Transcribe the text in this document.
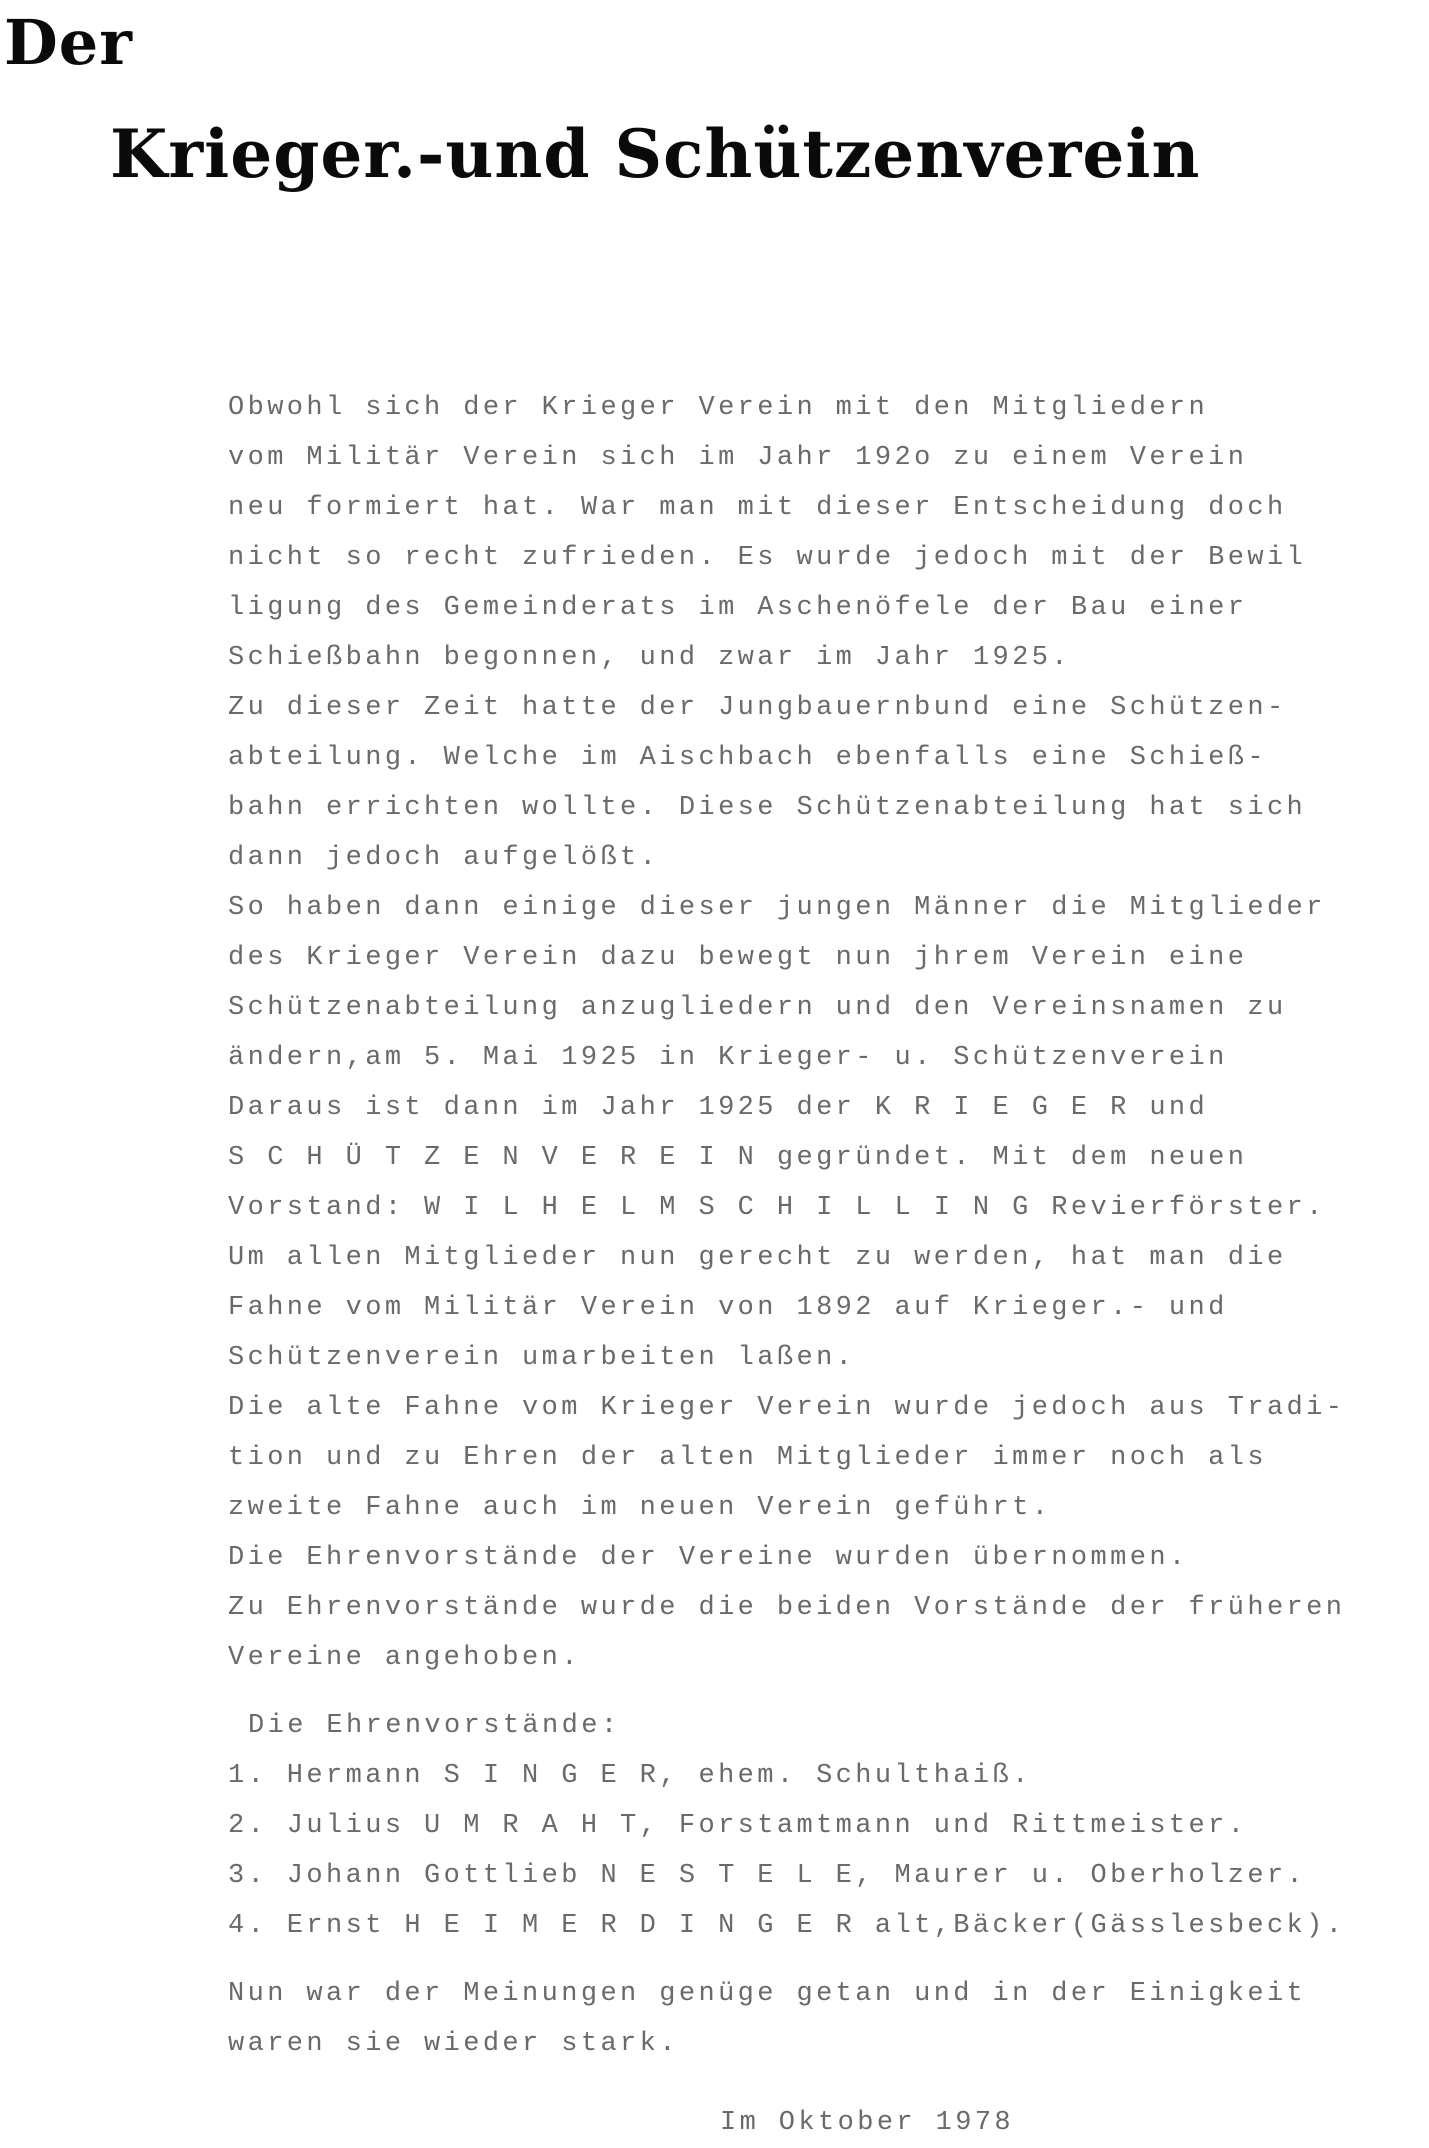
Der
Krieger.-und Schützenverein
Obwohl sich der Krieger Verein mit den Mitgliedern
vom Militär Verein sich im Jahr 192o zu einem Verein
neu formiert hat. War man mit dieser Entscheidung doch
nicht so recht zufrieden. Es wurde jedoch mit der Bewil
ligung des Gemeinderats im Aschenöfele der Bau einer
Schießbahn begonnen, und zwar im Jahr 1925.
Zu dieser Zeit hatte der Jungbauernbund eine Schützen-
abteilung. Welche im Aischbach ebenfalls eine Schieß-
bahn errichten wollte. Diese Schützenabteilung hat sich
dann jedoch aufgelößt.
So haben dann einige dieser jungen Männer die Mitglieder
des Krieger Verein dazu bewegt nun jhrem Verein eine
Schützenabteilung anzugliedern und den Vereinsnamen zu
ändern,am 5. Mai 1925 in Krieger- u. Schützenverein
Daraus ist dann im Jahr 1925 der K R I E G E R und
S C H Ü T Z E N V E R E I N gegründet. Mit dem neuen
Vorstand: W I L H E L M S C H I L L I N G Revierförster.
Um allen Mitglieder nun gerecht zu werden, hat man die
Fahne vom Militär Verein von 1892 auf Krieger.- und
Schützenverein umarbeiten laßen.
Die alte Fahne vom Krieger Verein wurde jedoch aus Tradi-
tion und zu Ehren der alten Mitglieder immer noch als
zweite Fahne auch im neuen Verein geführt.
Die Ehrenvorstände der Vereine wurden übernommen.
Zu Ehrenvorstände wurde die beiden Vorstände der früheren
Vereine angehoben.
Die Ehrenvorstände:
1. Hermann S I N G E R, ehem. Schulthaiß.
2. Julius U M R A H T, Forstamtmann und Rittmeister.
3. Johann Gottlieb N E S T E L E, Maurer u. Oberholzer.
4. Ernst H E I M E R D I N G E R alt,Bäcker(Gässlesbeck).
Nun war der Meinungen genüge getan und in der Einigkeit
waren sie wieder stark.
Im Oktober 1978
